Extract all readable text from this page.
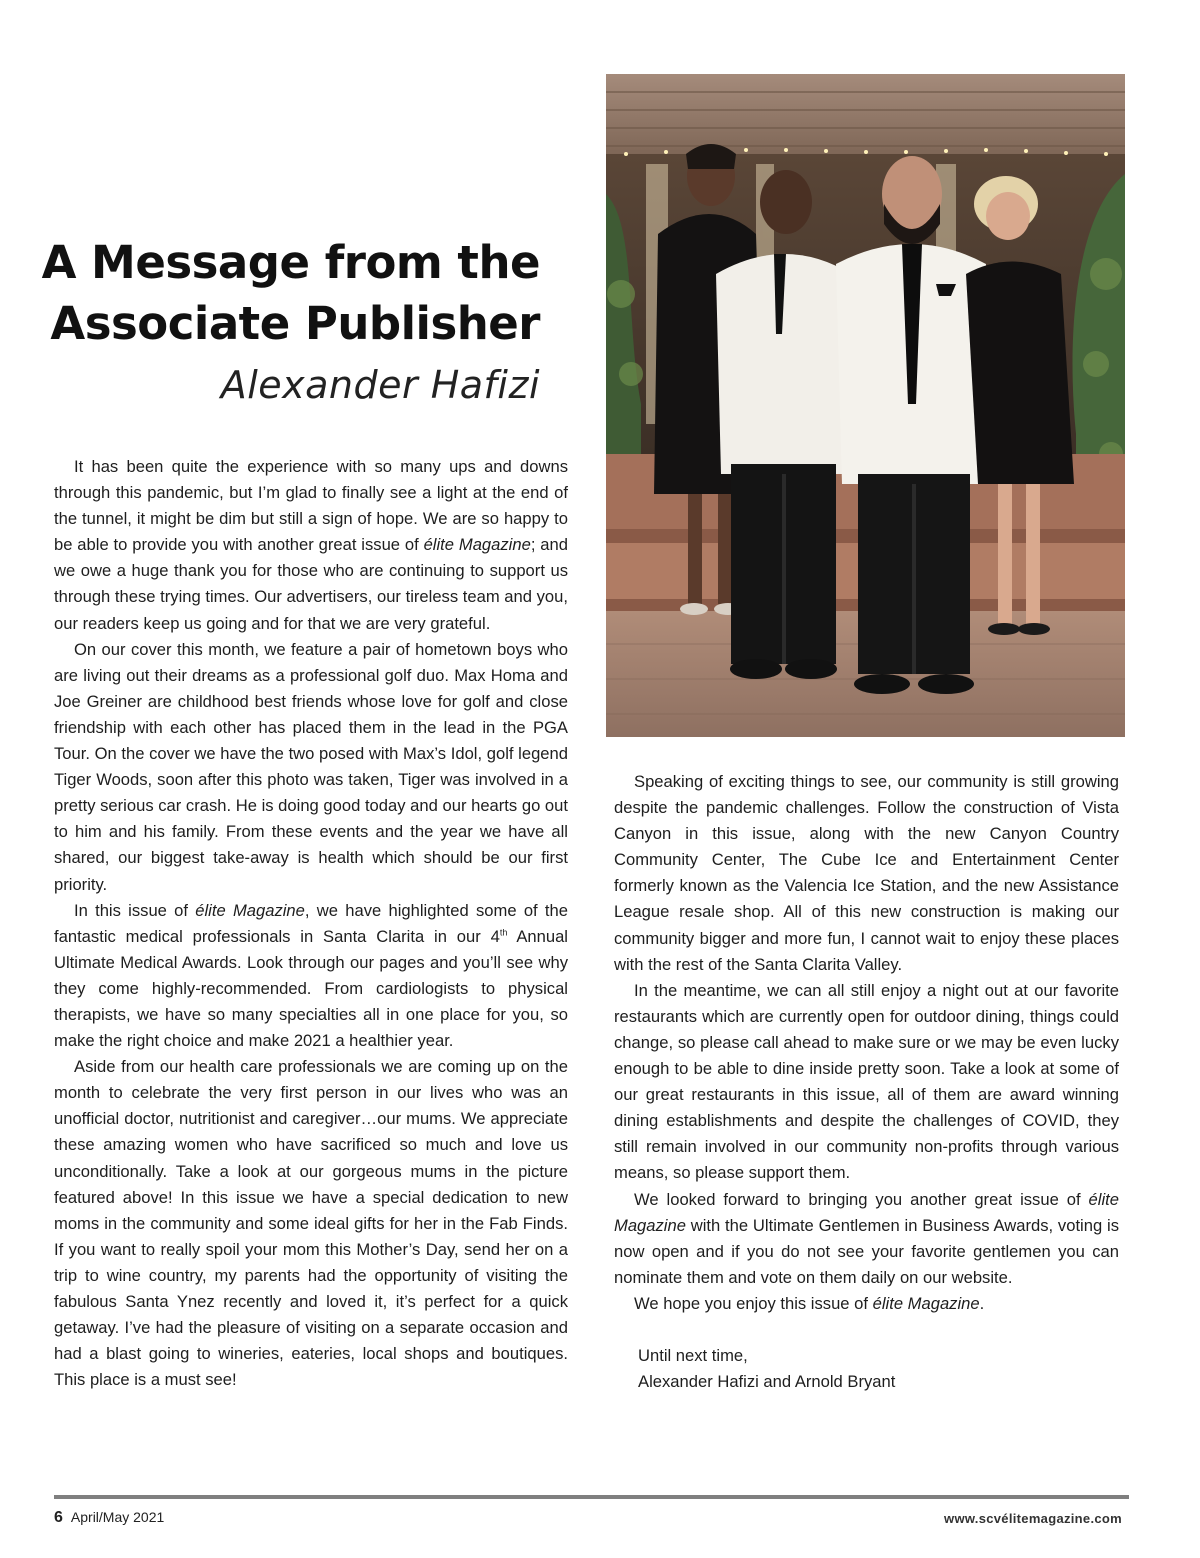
A Message from the Associate Publisher
Alexander Hafizi

It has been quite the experience with so many ups and downs through this pandemic, but I’m glad to finally see a light at the end of the tunnel, it might be dim but still a sign of hope. We are so happy to be able to provide you with another great issue of élite Magazine; and we owe a huge thank you for those who are continuing to support us through these trying times. Our advertisers, our tireless team and you, our readers keep us going and for that we are very grateful.

On our cover this month, we feature a pair of hometown boys who are living out their dreams as a professional golf duo. Max Homa and Joe Greiner are childhood best friends whose love for golf and close friendship with each other has placed them in the lead in the PGA Tour. On the cover we have the two posed with Max’s Idol, golf legend Tiger Woods, soon after this photo was taken, Tiger was involved in a pretty serious car crash. He is doing good today and our hearts go out to him and his family. From these events and the year we have all shared, our biggest take-away is health which should be our first priority.

In this issue of élite Magazine, we have highlighted some of the fantastic medical professionals in Santa Clarita in our 4th Annual Ultimate Medical Awards. Look through our pages and you’ll see why they come highly-recommended. From cardiologists to physical therapists, we have so many specialties all in one place for you, so make the right choice and make 2021 a healthier year.

Aside from our health care professionals we are coming up on the month to celebrate the very first person in our lives who was an unofficial doctor, nutritionist and caregiver…our mums. We appreciate these amazing women who have sacrificed so much and love us unconditionally. Take a look at our gorgeous mums in the picture featured above! In this issue we have a special dedication to new moms in the community and some ideal gifts for her in the Fab Finds. If you want to really spoil your mom this Mother’s Day, send her on a trip to wine country, my parents had the opportunity of visiting the fabulous Santa Ynez recently and loved it, it’s perfect for a quick getaway. I’ve had the pleasure of visiting on a separate occasion and had a blast going to wineries, eateries, local shops and boutiques. This place is a must see!

Speaking of exciting things to see, our community is still growing despite the pandemic challenges. Follow the construction of Vista Canyon in this issue, along with the new Canyon Country Community Center, The Cube Ice and Entertainment Center formerly known as the Valencia Ice Station, and the new Assistance League resale shop. All of this new construction is making our community bigger and more fun, I cannot wait to enjoy these places with the rest of the Santa Clarita Valley.

In the meantime, we can all still enjoy a night out at our favorite restaurants which are currently open for outdoor dining, things could change, so please call ahead to make sure or we may be even lucky enough to be able to dine inside pretty soon. Take a look at some of our great restaurants in this issue, all of them are award winning dining establishments and despite the challenges of COVID, they still remain involved in our community non-profits through various means, so please support them.

We looked forward to bringing you another great issue of élite Magazine with the Ultimate Gentlemen in Business Awards, voting is now open and if you do not see your favorite gentlemen you can nominate them and vote on them daily on our website.

We hope you enjoy this issue of élite Magazine.

Until next time,

Alexander Hafizi and Arnold Bryant

6 April/May 2021	www.scvélitemagazine.com
